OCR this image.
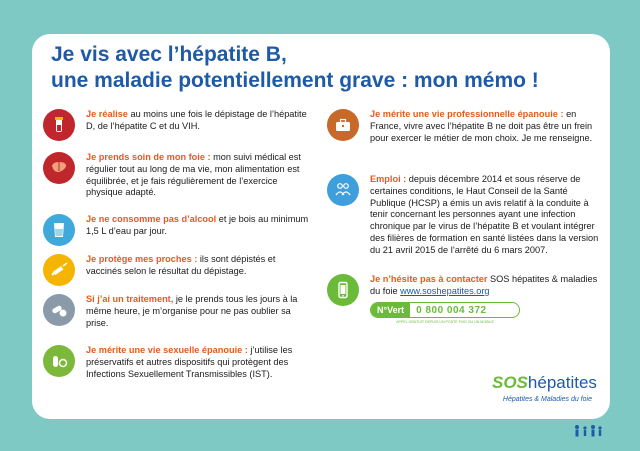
Je vis avec l’hépatite B,
une maladie potentiellement grave : mon mémo !
Je réalise au moins une fois le dépistage de l’hépatite D, de l’hépatite C et du VIH.
Je prends soin de mon foie : mon suivi médical est régulier tout au long de ma vie, mon alimentation est équilibrée, et je fais régulièrement de l’exercice physique adapté.
Je ne consomme pas d’alcool et je bois au minimum 1,5 L d’eau par jour.
Je protège mes proches : ils sont dépistés et vaccinés selon le résultat du dépistage.
Si j’ai un traitement, je le prends tous les jours à la même heure, je m’organise pour ne pas oublier sa prise.
Je mérite une vie sexuelle épanouie : j’utilise les préservatifs et autres dispositifs qui protègent des Infections Sexuellement Transmissibles (IST).
Je mérite une vie professionnelle épanouie : en France, vivre avec l’hépatite B ne doit pas être un frein pour exercer le métier de mon choix. Je me renseigne.
Emploi : depuis décembre 2014 et sous réserve de certaines conditions, le Haut Conseil de la Santé Publique (HCSP) a émis un avis relatif à la conduite à tenir concernant les personnes ayant une infection chronique par le virus de l’hépatite B et voulant intégrer des filières de formation en santé listées dans la version du 21 avril 2015 de l’arrêté du 6 mars 2007.
Je n’hésite pas à contacter SOS hépatites & maladies du foie www.soshepatites.org
N°Vert	0 800 004 372
APPEL GRATUIT DEPUIS UN POSTE FIXE OU UN MOBILE
SOS hépatites
Hépatites & Maladies du foie
